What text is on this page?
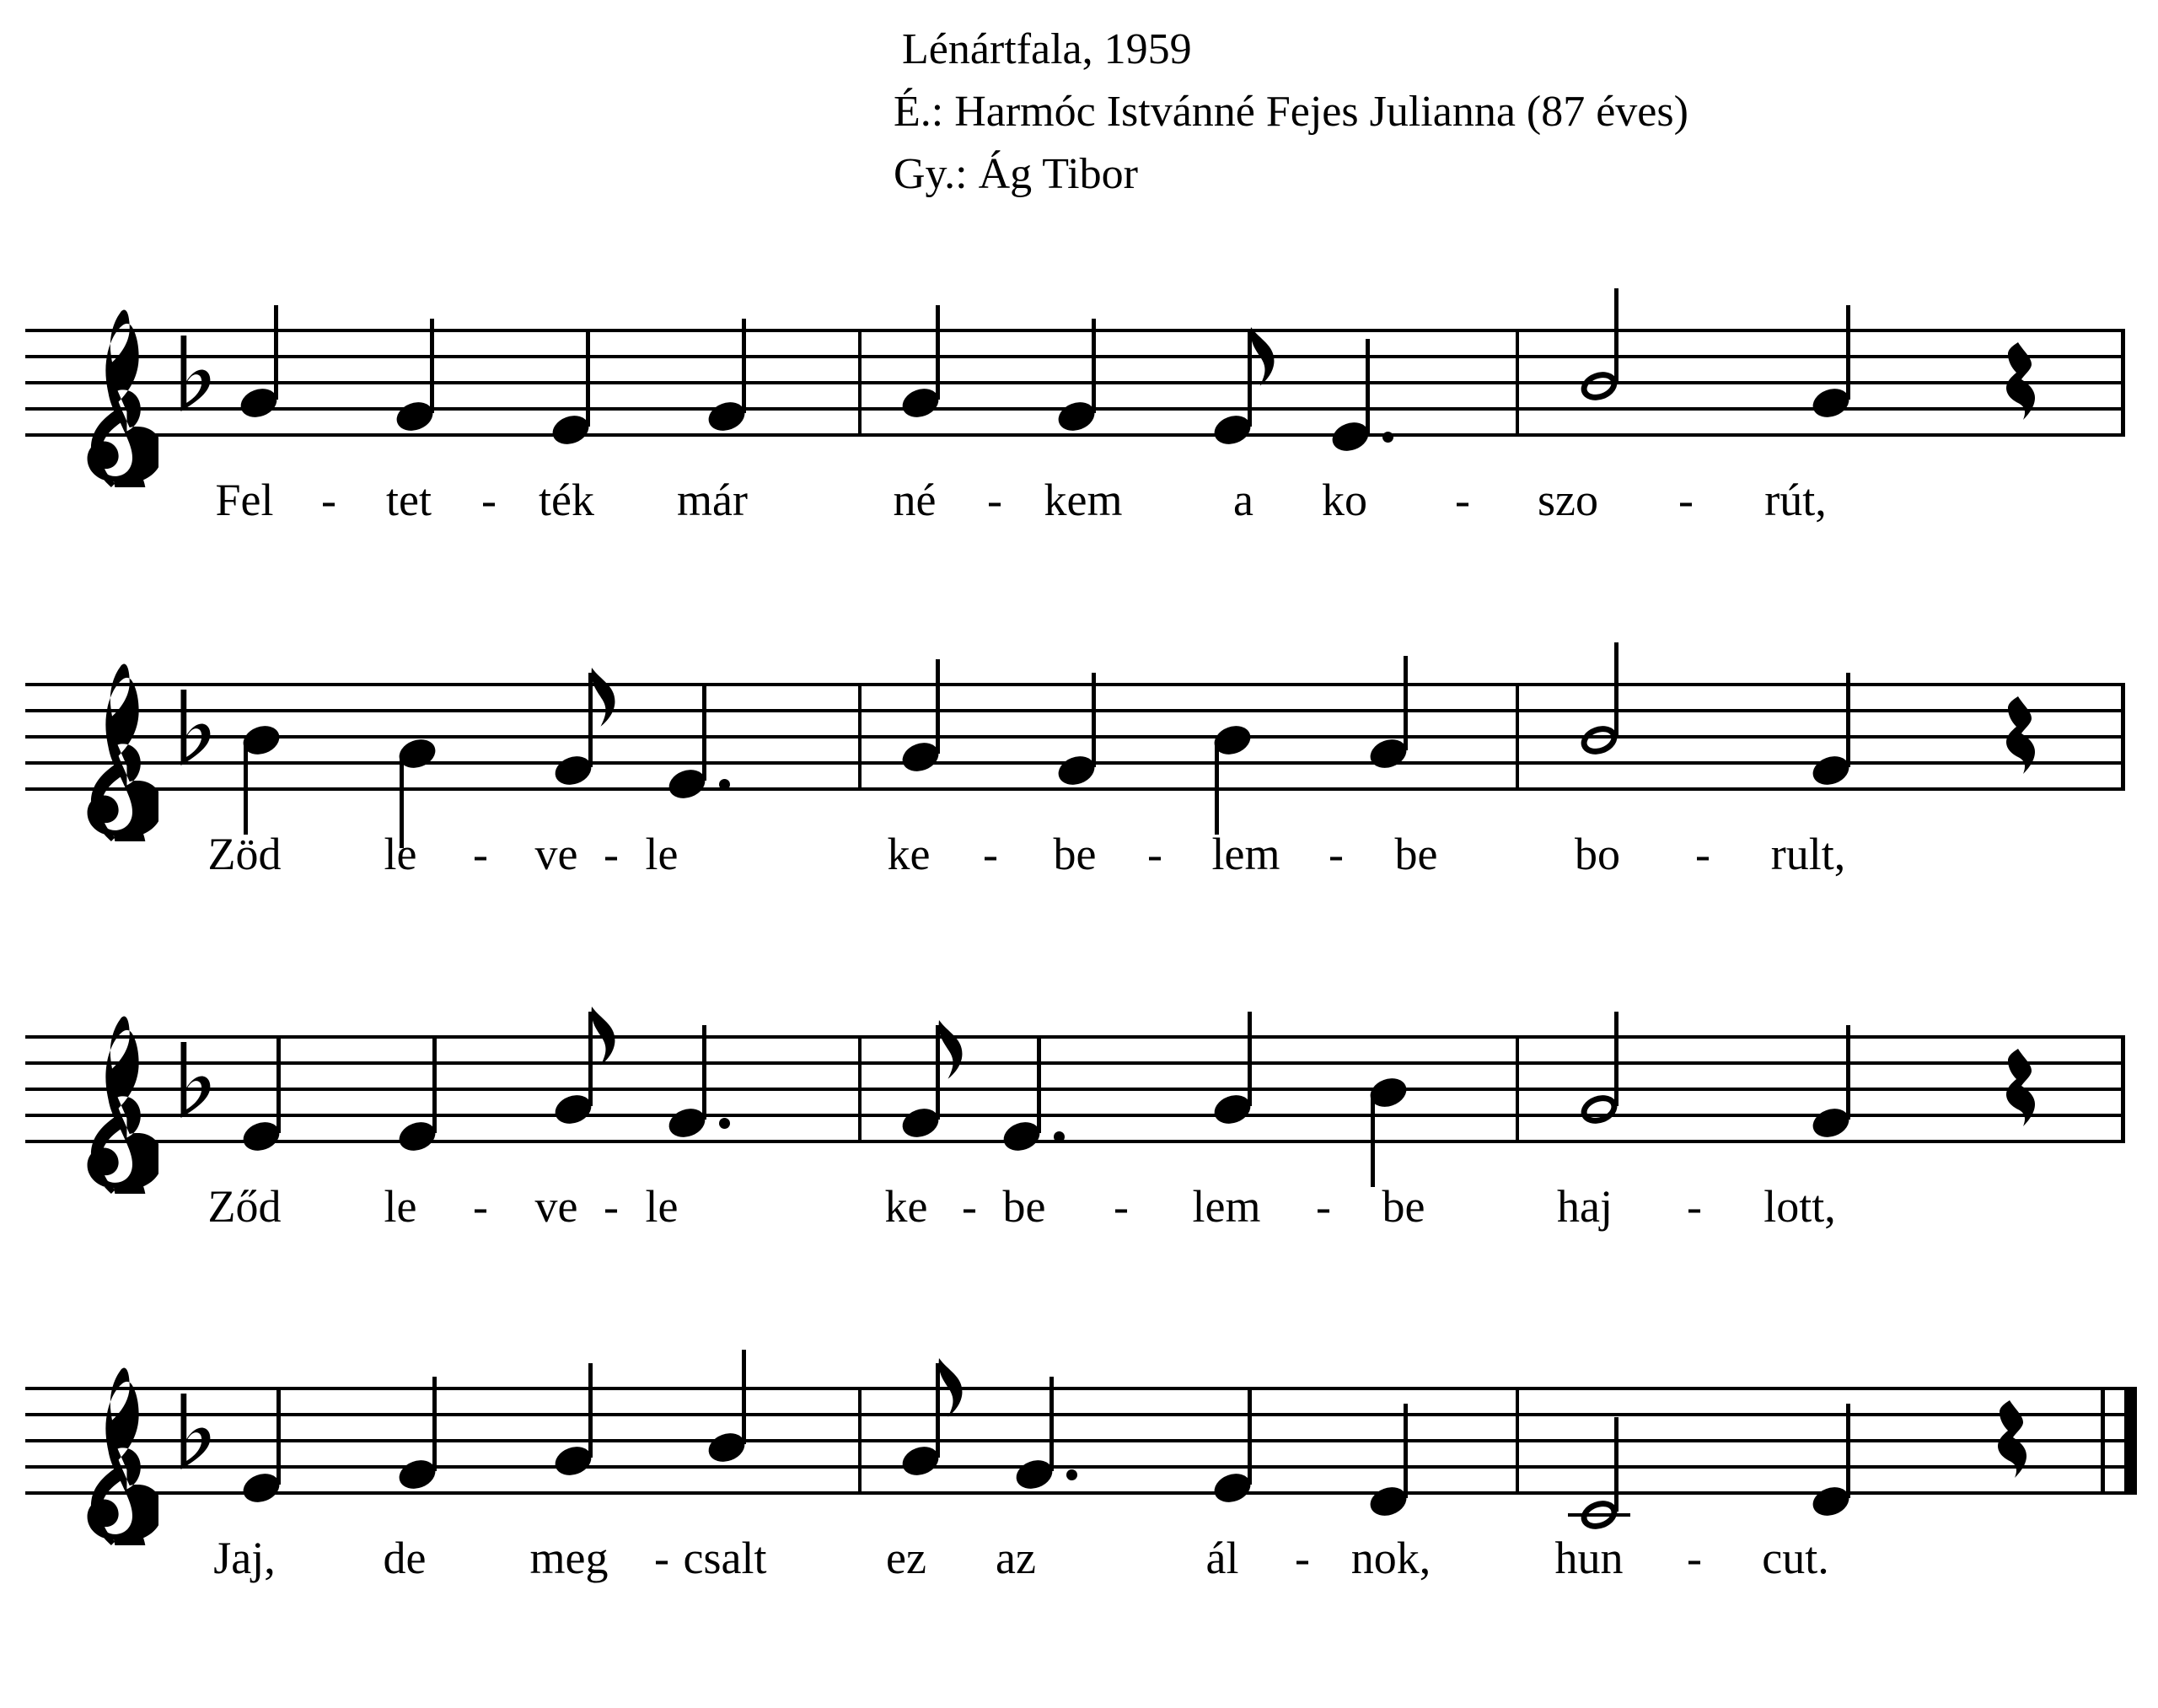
Lénártfala, 1959
É.: Harmóc Istvánné Fejes Julianna (87 éves)
Gy.: Ág Tibor
Fel - tet - ték már	né - kem a ko - szo - rút,
Zöd le - ve - le	ke - be - lem - be	bo - rult,
Ződ le - ve - le	ke - be - lem - be	haj - lott,
Jaj, de meg - csalt	ez az	ál - nok,	hun - cut.
